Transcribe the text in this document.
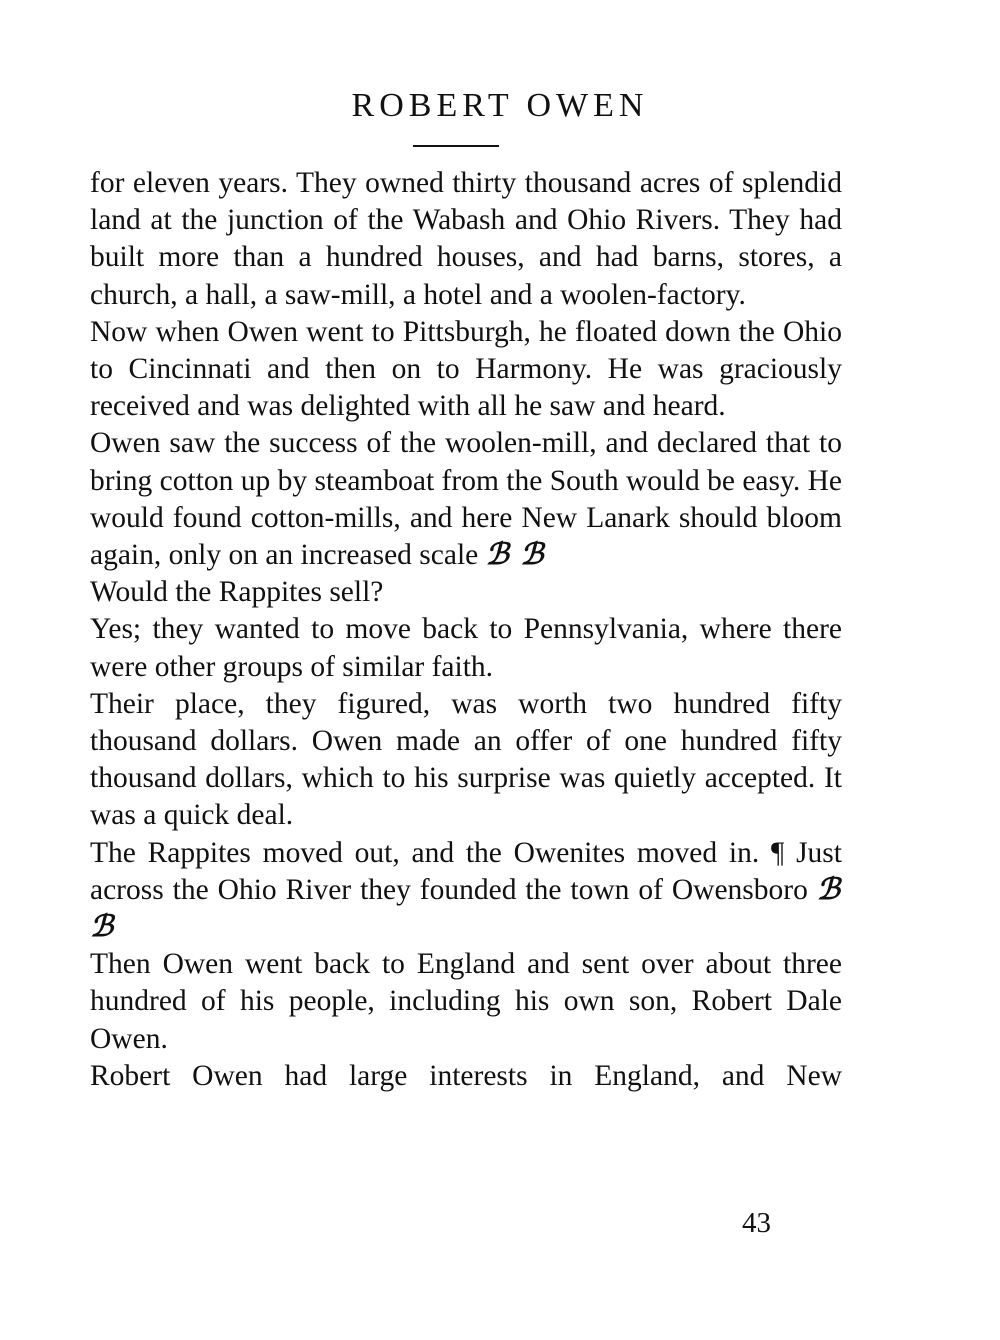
ROBERT OWEN

for eleven years. They owned thirty thousand acres of splendid land at the junction of the Wabash and Ohio Rivers. They had built more than a hundred houses, and had barns, stores, a church, a hall, a saw-mill, a hotel and a woolen-factory.

Now when Owen went to Pittsburgh, he floated down the Ohio to Cincinnati and then on to Harmony. He was graciously received and was delighted with all he saw and heard.

Owen saw the success of the woolen-mill, and declared that to bring cotton up by steamboat from the South would be easy. He would found cotton-mills, and here New Lanark should bloom again, only on an increased scale ℬ ℬ

Would the Rappites sell?

Yes; they wanted to move back to Pennsylvania, where there were other groups of similar faith.

Their place, they figured, was worth two hundred fifty thousand dollars. Owen made an offer of one hundred fifty thousand dollars, which to his surprise was quietly accepted. It was a quick deal.

The Rappites moved out, and the Owenites moved in. ¶ Just across the Ohio River they founded the town of Owensboro ℬ ℬ

Then Owen went back to England and sent over about three hundred of his people, including his own son, Robert Dale Owen.

Robert Owen had large interests in England, and New

43
